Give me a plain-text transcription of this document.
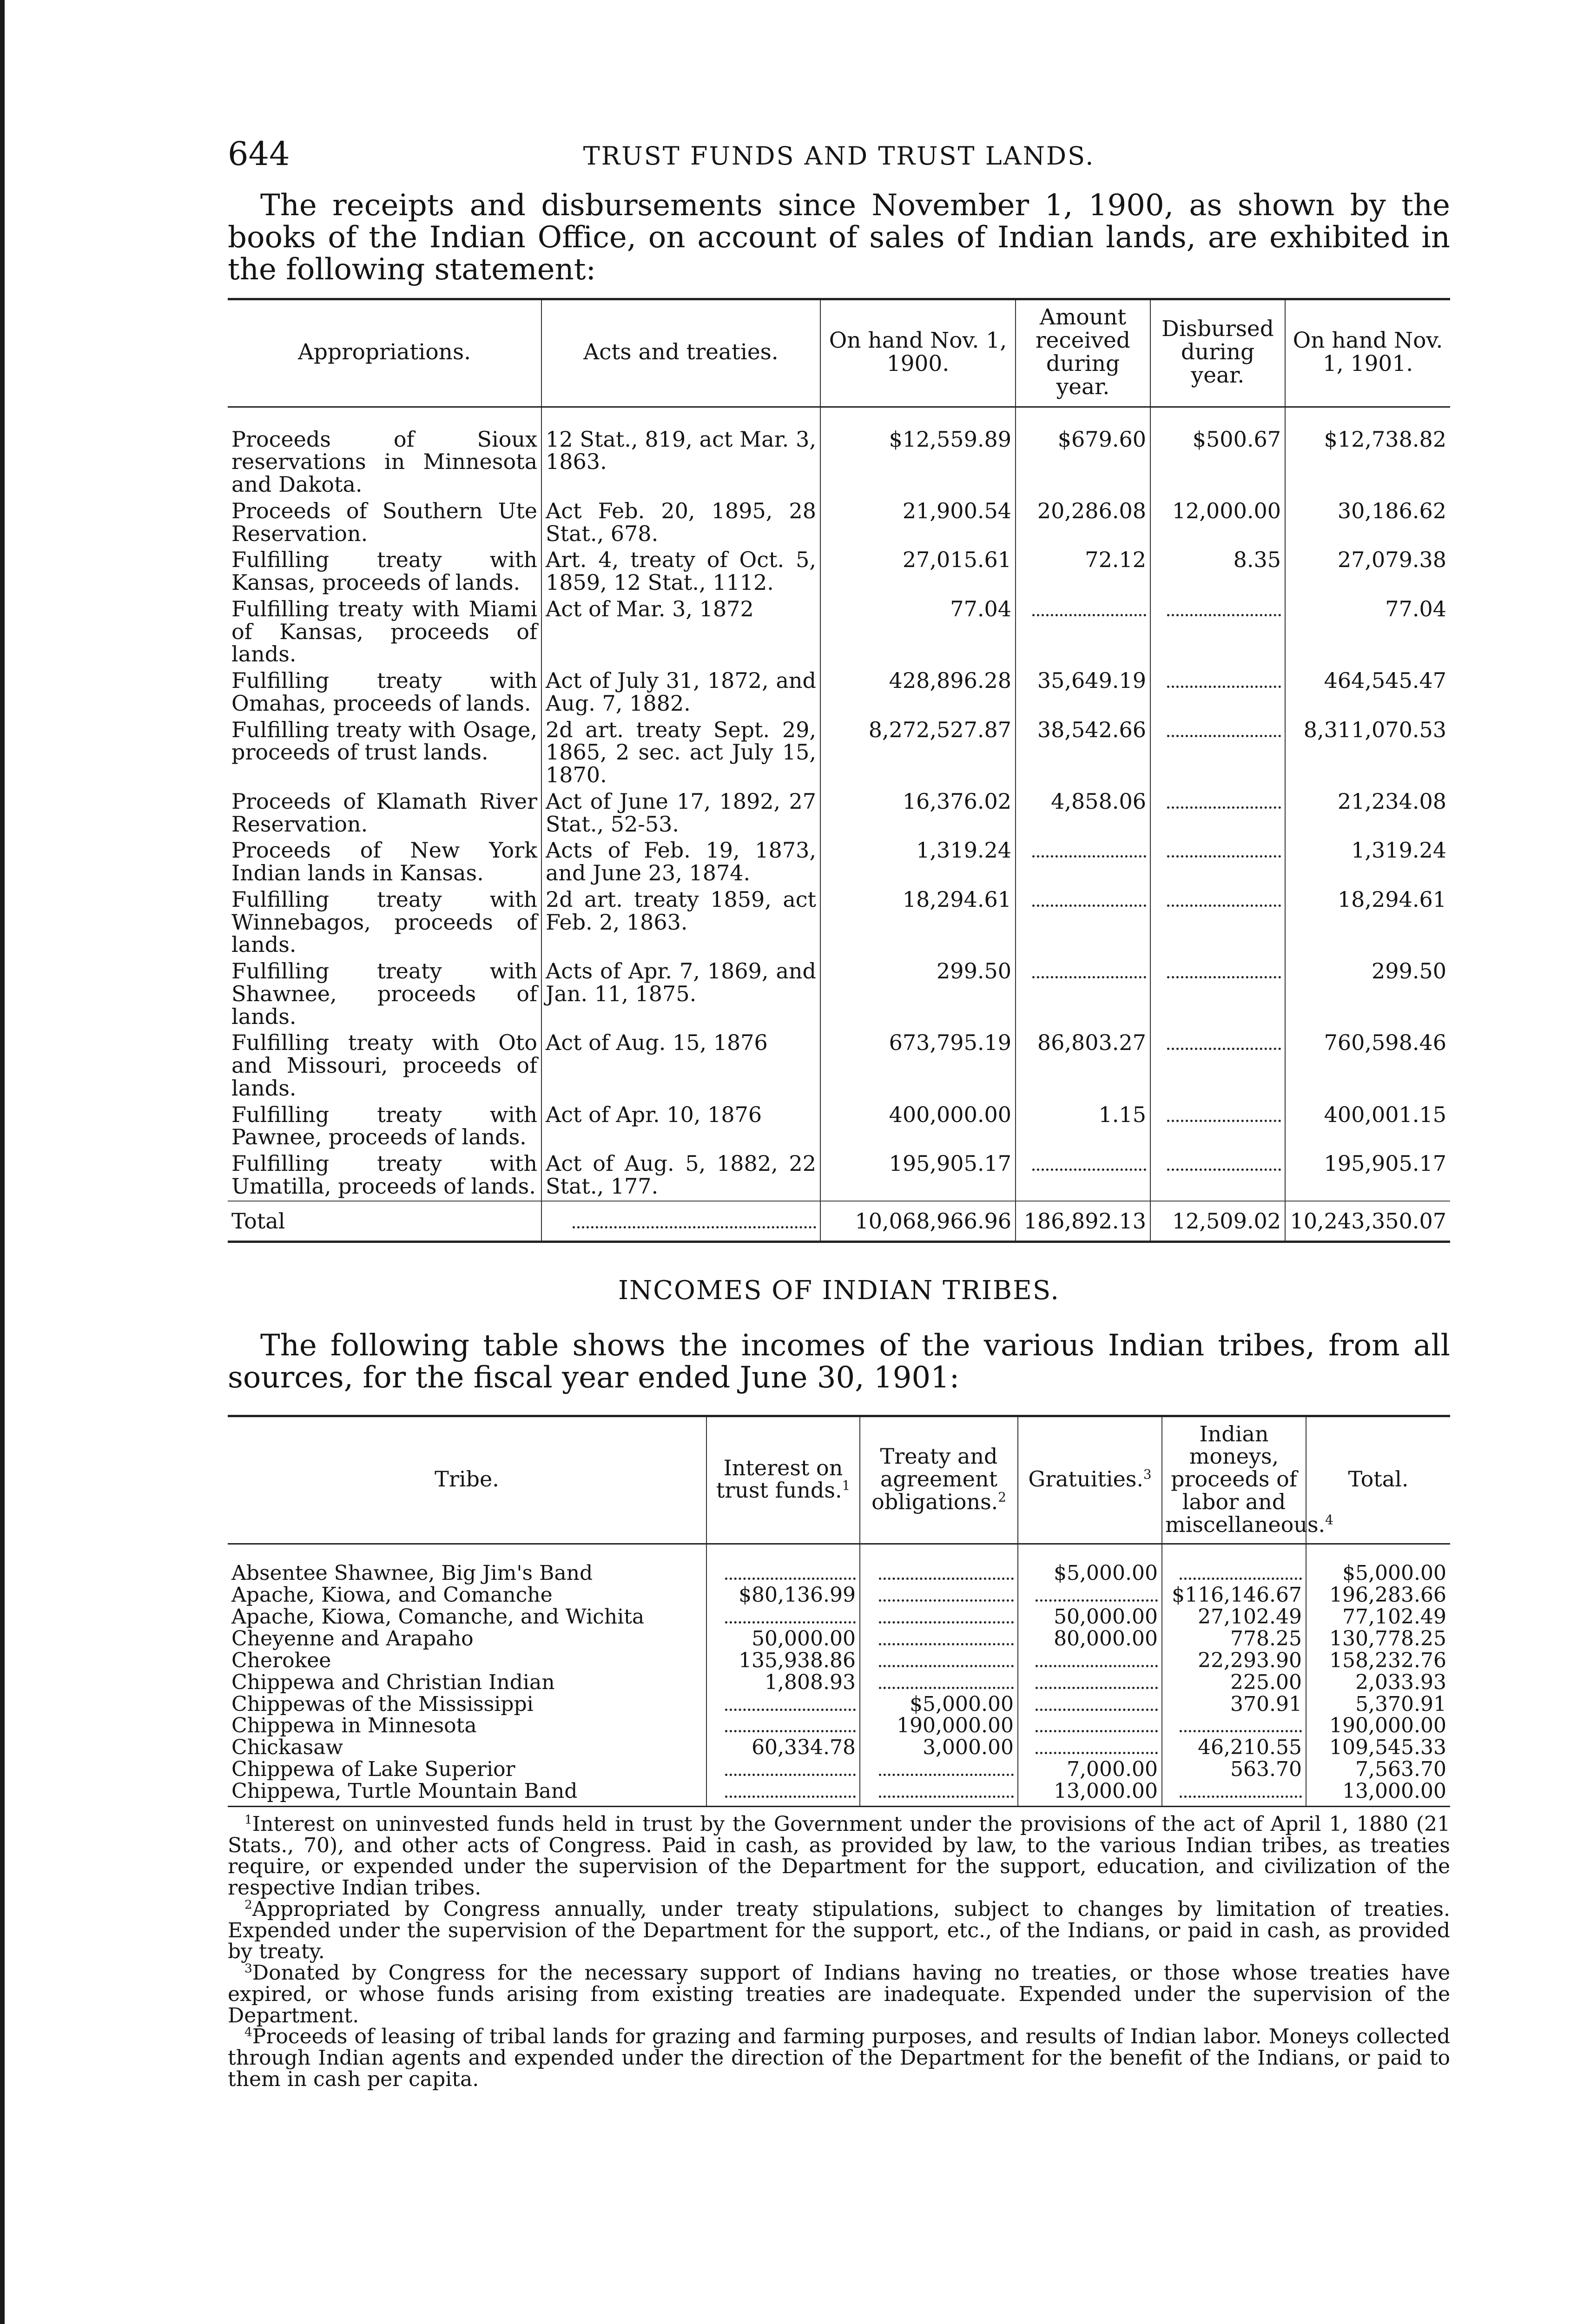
644	TRUST FUNDS AND TRUST LANDS.
The receipts and disbursements since November 1, 1900, as shown by the books of the Indian Office, on account of sales of Indian lands, are exhibited in the following statement:
Appropriations.	Acts and treaties.	On hand Nov. 1, 1900.	Amount received during year.	Disbursed during year.	On hand Nov. 1, 1901.
Proceeds of Sioux reservations in Minnesota and Dakota.	12 Stat., 819, act Mar. 3, 1863.	$12,559.89	$679.60	$500.67	$12,738.82
Proceeds of Southern Ute Reservation.	Act Feb. 20, 1895, 28 Stat., 678.	21,900.54	20,286.08	12,000.00	30,186.62
Fulfilling treaty with Kansas, proceeds of lands.	Art. 4, treaty of Oct. 5, 1859, 12 Stat., 1112.	27,015.61	72.12	8.35	27,079.38
Fulfilling treaty with Miami of Kansas, proceeds of lands.	Act of Mar. 3, 1872	77.04			77.04
Fulfilling treaty with Omahas, proceeds of lands.	Act of July 31, 1872, and Aug. 7, 1882.	428,896.28	35,649.19		464,545.47
Fulfilling treaty with Osage, proceeds of trust lands.	2d art. treaty Sept. 29, 1865, 2 sec. act July 15, 1870.	8,272,527.87	38,542.66		8,311,070.53
Proceeds of Klamath River Reservation.	Act of June 17, 1892, 27 Stat., 52-53.	16,376.02	4,858.06		21,234.08
Proceeds of New York Indian lands in Kansas.	Acts of Feb. 19, 1873, and June 23, 1874.	1,319.24			1,319.24
Fulfilling treaty with Winnebagos, proceeds of lands.	2d art. treaty 1859, act Feb. 2, 1863.	18,294.61			18,294.61
Fulfilling treaty with Shawnee, proceeds of lands.	Acts of Apr. 7, 1869, and Jan. 11, 1875.	299.50			299.50
Fulfilling treaty with Oto and Missouri, proceeds of lands.	Act of Aug. 15, 1876	673,795.19	86,803.27		760,598.46
Fulfilling treaty with Pawnee, proceeds of lands.	Act of Apr. 10, 1876	400,000.00	1.15		400,001.15
Fulfilling treaty with Umatilla, proceeds of lands.	Act of Aug. 5, 1882, 22 Stat., 177.	195,905.17			195,905.17
Total		10,068,966.96	186,892.13	12,509.02	10,243,350.07
INCOMES OF INDIAN TRIBES.
The following table shows the incomes of the various Indian tribes, from all sources, for the fiscal year ended June 30, 1901:
Tribe.	Interest on trust funds.$^1$	Treaty and agreement obligations.$^2$	Gratuities.$^3$	Indian moneys, proceeds of labor and miscellaneous.$^4$	Total.
Absentee Shawnee, Big Jim's Band			$5,000.00		$5,000.00
Apache, Kiowa, and Comanche	$80,136.99			$116,146.67	196,283.66
Apache, Kiowa, Comanche, and Wichita			50,000.00	27,102.49	77,102.49
Cheyenne and Arapaho	50,000.00		80,000.00	778.25	130,778.25
Cherokee	135,938.86			22,293.90	158,232.76
Chippewa and Christian Indian	1,808.93			225.00	2,033.93
Chippewas of the Mississippi		$5,000.00		370.91	5,370.91
Chippewa in Minnesota		190,000.00			190,000.00
Chickasaw	60,334.78	3,000.00		46,210.55	109,545.33
Chippewa of Lake Superior			7,000.00	563.70	7,563.70
Chippewa, Turtle Mountain Band			13,000.00		13,000.00

$^1$Interest on uninvested funds held in trust by the Government under the provisions of the act of April 1, 1880 (21 Stats., 70), and other acts of Congress. Paid in cash, as provided by law, to the various Indian tribes, as treaties require, or expended under the supervision of the Department for the support, education, and civilization of the respective Indian tribes.

$^2$Appropriated by Congress annually, under treaty stipulations, subject to changes by limitation of treaties. Expended under the supervision of the Department for the support, etc., of the Indians, or paid in cash, as provided by treaty.

$^3$Donated by Congress for the necessary support of Indians having no treaties, or those whose treaties have expired, or whose funds arising from existing treaties are inadequate. Expended under the supervision of the Department.

$^4$Proceeds of leasing of tribal lands for grazing and farming purposes, and results of Indian labor. Moneys collected through Indian agents and expended under the direction of the Department for the benefit of the Indians, or paid to them in cash per capita.
